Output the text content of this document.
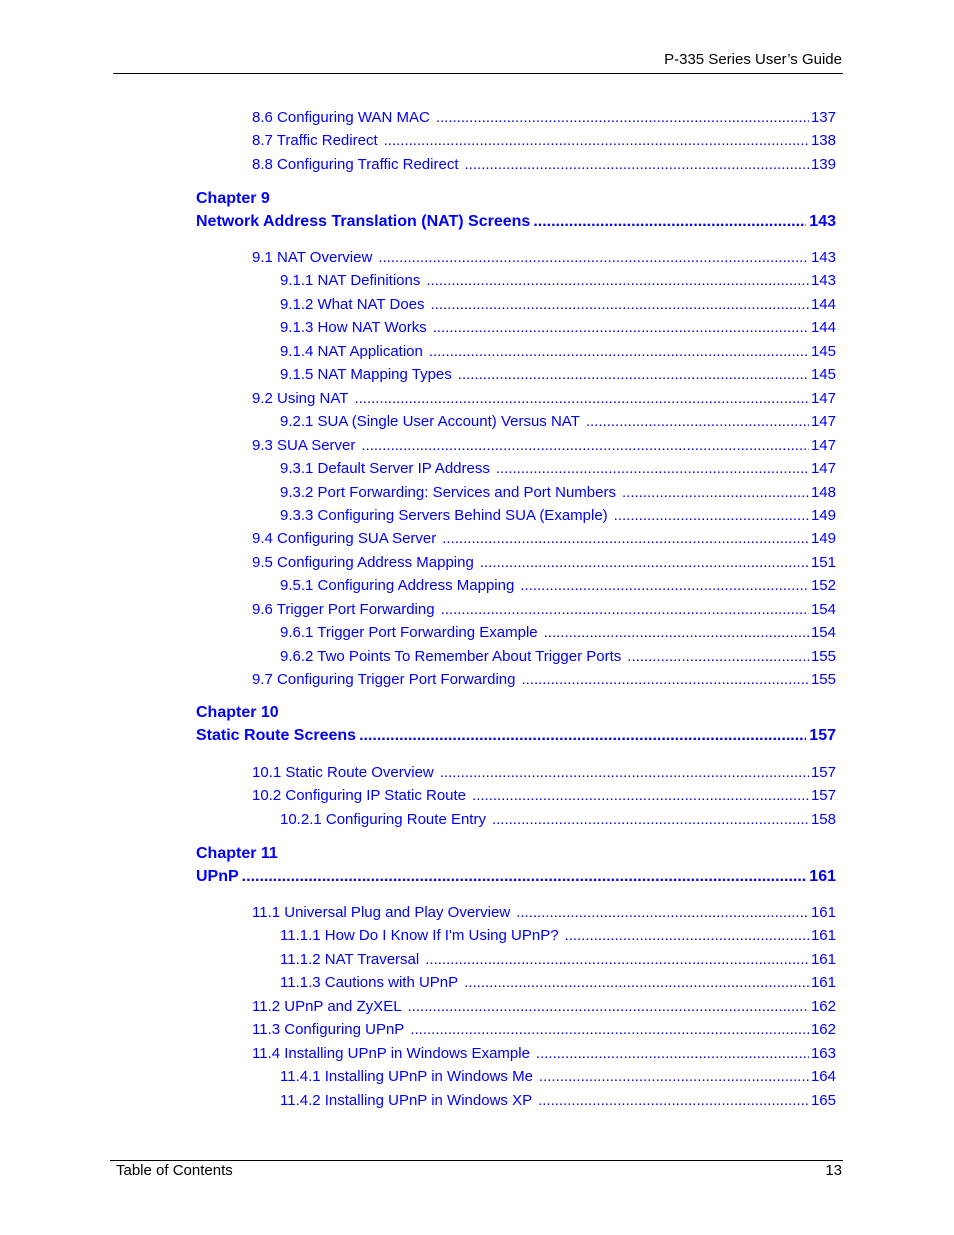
P-335 Series User’s Guide
8.6 Configuring WAN MAC .....	137
8.7 Traffic Redirect .....	138
8.8 Configuring Traffic Redirect .....	139
Chapter 9
Network Address Translation (NAT) Screens .....	143
9.1 NAT Overview .....	143
9.1.1 NAT Definitions .....	143
9.1.2 What NAT Does .....	144
9.1.3 How NAT Works .....	144
9.1.4 NAT Application .....	145
9.1.5 NAT Mapping Types .....	145
9.2 Using NAT .....	147
9.2.1 SUA (Single User Account) Versus NAT .....	147
9.3 SUA Server .....	147
9.3.1 Default Server IP Address .....	147
9.3.2 Port Forwarding: Services and Port Numbers .....	148
9.3.3 Configuring Servers Behind SUA (Example) .....	149
9.4 Configuring SUA Server .....	149
9.5 Configuring Address Mapping .....	151
9.5.1 Configuring Address Mapping .....	152
9.6 Trigger Port Forwarding .....	154
9.6.1 Trigger Port Forwarding Example .....	154
9.6.2 Two Points To Remember About Trigger Ports .....	155
9.7 Configuring Trigger Port Forwarding .....	155
Chapter 10
Static Route Screens .....	157
10.1 Static Route Overview .....	157
10.2 Configuring IP Static Route .....	157
10.2.1 Configuring Route Entry .....	158
Chapter 11
UPnP .....	161
11.1 Universal Plug and Play Overview .....	161
11.1.1 How Do I Know If I'm Using UPnP? .....	161
11.1.2 NAT Traversal .....	161
11.1.3 Cautions with UPnP .....	161
11.2 UPnP and ZyXEL .....	162
11.3 Configuring UPnP .....	162
11.4 Installing UPnP in Windows Example .....	163
11.4.1 Installing UPnP in Windows Me .....	164
11.4.2 Installing UPnP in Windows XP .....	165
Table of Contents	13
